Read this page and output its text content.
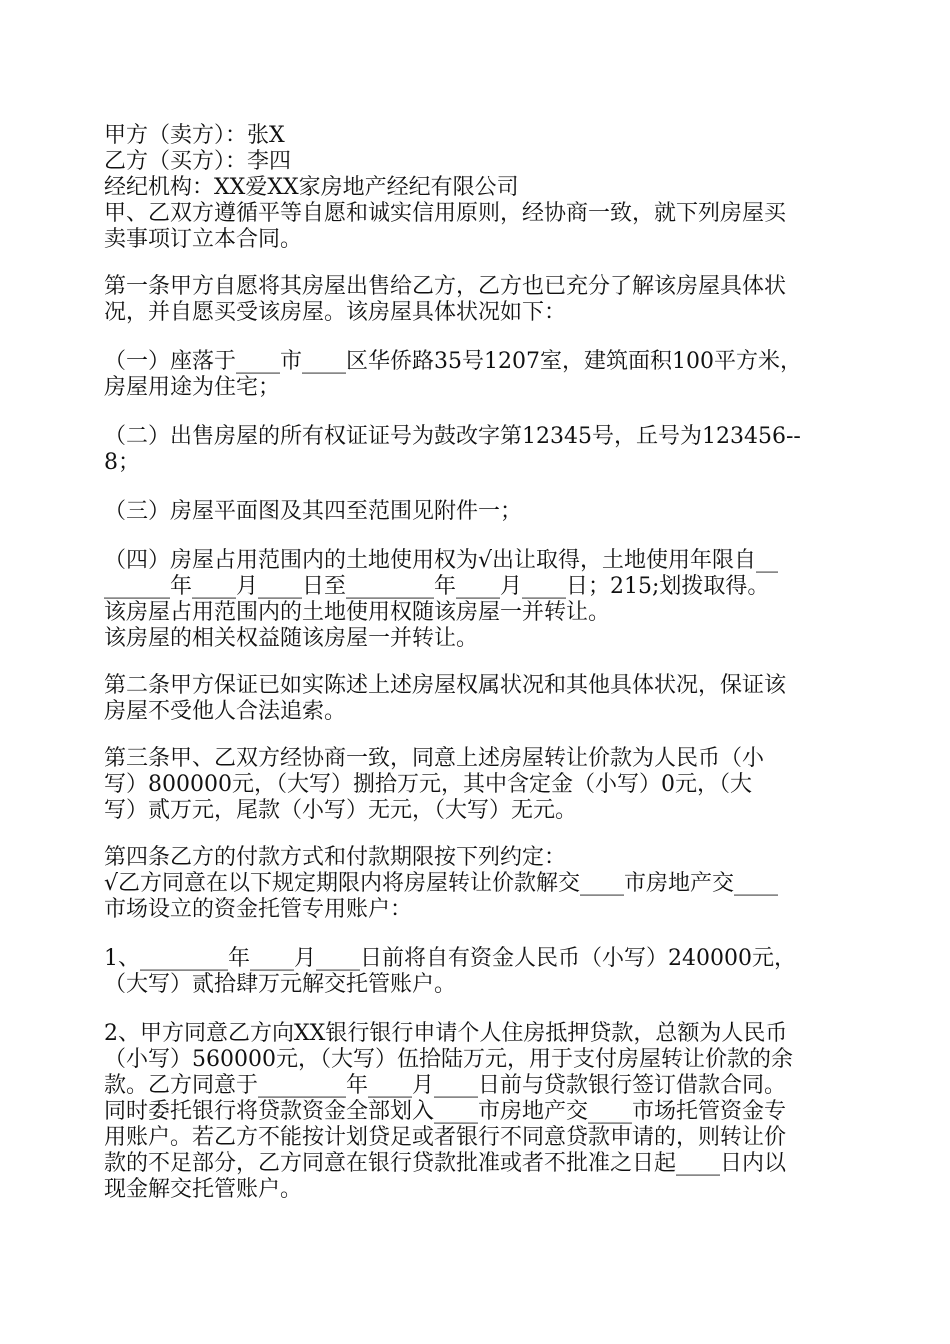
甲方（卖方）：张X
乙方（买方）：李四
经纪机构：XX爱XX家房地产经纪有限公司
甲、乙双方遵循平等自愿和诚实信用原则，经协商一致，就下列房屋买
卖事项订立本合同。
第一条甲方自愿将其房屋出售给乙方，乙方也已充分了解该房屋具体状
况，并自愿买受该房屋。该房屋具体状况如下：
（一）座落于____市____区华侨路35号1207室，建筑面积100平方米，
房屋用途为住宅；
（二）出售房屋的所有权证证号为鼓改字第12345号，丘号为123456--
8；
（三）房屋平面图及其四至范围见附件一；
（四）房屋占用范围内的土地使用权为√出让取得，土地使用年限自__
______年____月____日至________年____月____日；215;划拨取得。
该房屋占用范围内的土地使用权随该房屋一并转让。
该房屋的相关权益随该房屋一并转让。
第二条甲方保证已如实陈述上述房屋权属状况和其他具体状况，保证该
房屋不受他人合法追索。
第三条甲、乙双方经协商一致，同意上述房屋转让价款为人民币（小
写）800000元，（大写）捌拾万元，其中含定金（小写）0元，（大
写）贰万元，尾款（小写）无元，（大写）无元。
第四条乙方的付款方式和付款期限按下列约定：
√乙方同意在以下规定期限内将房屋转让价款解交____市房地产交____
市场设立的资金托管专用账户：
1、________年____月____日前将自有资金人民币（小写）240000元，
（大写）贰拾肆万元解交托管账户。
2、甲方同意乙方向XX银行银行申请个人住房抵押贷款，总额为人民币
（小写）560000元，（大写）伍拾陆万元，用于支付房屋转让价款的余
款。乙方同意于________年____月____日前与贷款银行签订借款合同。
同时委托银行将贷款资金全部划入____市房地产交____市场托管资金专
用账户。若乙方不能按计划贷足或者银行不同意贷款申请的，则转让价
款的不足部分，乙方同意在银行贷款批准或者不批准之日起____日内以
现金解交托管账户。
